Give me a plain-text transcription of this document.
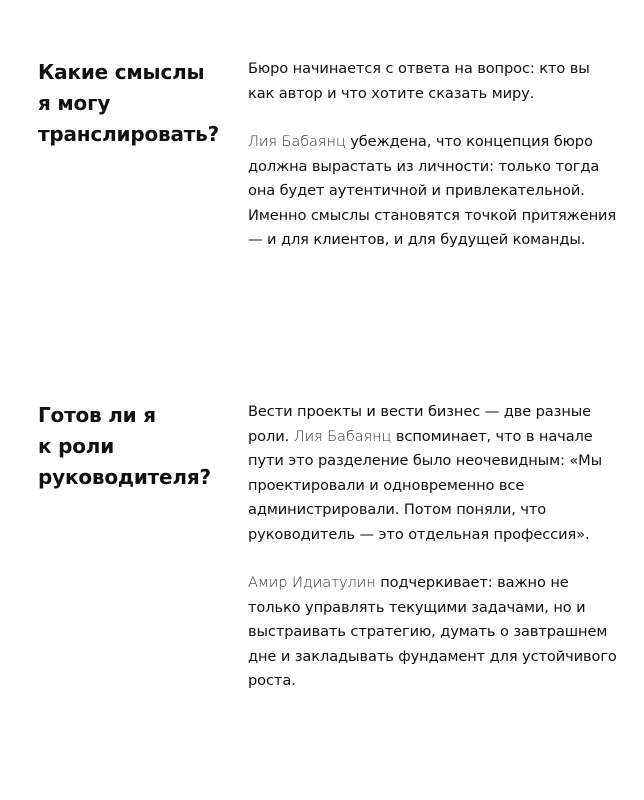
Какие смыслы
я могу
транслировать?

Бюро начинается с ответа на вопрос: кто вы как автор и что хотите сказать миру.

Лия Бабаянц убеждена, что концепция бюро должна вырастать из личности: только тогда она будет аутентичной и привлекательной. Именно смыслы становятся точкой притяжения — и для клиентов, и для будущей команды.

Готов ли я
к роли
руководителя?

Вести проекты и вести бизнес — две разные роли. Лия Бабаянц вспоминает, что в начале пути это разделение было неочевидным: «Мы проектировали и одновременно все администрировали. Потом поняли, что руководитель — это отдельная профессия».

Амир Идиатулин подчеркивает: важно не только управлять текущими задачами, но и выстраивать стратегию, думать о завтрашнем дне и закладывать фундамент для устойчивого роста.
